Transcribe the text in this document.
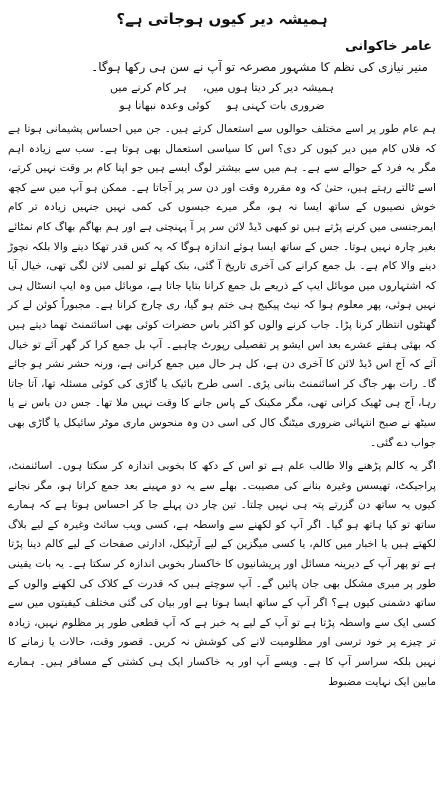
ہمیشہ دیر کیوں ہوجاتی ہے؟
عامر خاکوانی
منیر نیازی کی نظم کا مشہور مصرعہ تو آپ نے سن ہی رکھا ہوگا۔
ہمیشہ دیر کر دیتا ہوں میں،
ہر کام کرنے میں
ضروری بات کہنی ہو
کوئی وعدہ نبھانا ہو

ہم عام طور پر اسے مختلف حوالوں سے استعمال کرتے ہیں۔ جن میں احساس پشیمانی ہوتا ہے کہ فلاں کام میں دیر کیوں کر دی؟ اس کا سیاسی استعمال بھی ہوتا ہے۔ سب سے زیادہ اہم مگر یہ فرد کے حوالے سے ہے۔ ہم میں سے بیشتر لوگ ایسے ہیں جو اپنا کام بر وقت نہیں کرتے، اسے ٹالتے رہتے ہیں، حتیٰ کہ وہ مقررہ وقت اور دن سر پر آجاتا ہے۔ ممکن ہو آپ میں سے کچھ خوش نصیبوں کے ساتھ ایسا نہ ہو، مگر میرے جیسوں کی کمی نہیں جنہیں زیادہ تر کام ایمرجنسی میں کرنے پڑتے ہیں تو کبھی ڈیڈ لائن سر پر آ پہنچتی ہے اور ہم بھاگم بھاگ کام نمٹائے بغیر چارہ نہیں ہوتا۔ جس کے ساتھ ایسا ہوئے اندازہ ہوگا کہ یہ کس قدر تھکا دینے والا بلکہ نچوڑ دینے والا کام ہے۔ بل جمع کرانے کی آخری تاریخ آ گئی، بنک کھلے تو لمبی لائن لگی تھی، خیال آیا کہ اشتہاروں میں موبائل ایپ کے ذریعے بل جمع کرانا بتایا جاتا ہے، موبائل میں وہ ایپ انسٹال ہی نہیں ہوئی، پھر معلوم ہوا کہ نیٹ پیکیج ہی ختم ہو گیا، ری چارج کرانا ہے۔ مجبوراً کوئن لے کر گھنٹوں انتظار کرنا پڑا۔ جاب کرنے والوں کو اکثر باس حضرات کوئی بھی اسائنمنٹ تھما دیتے ہیں کہ بھئی ہفتے عشرے بعد اس ایشو پر تفصیلی رپورٹ چاہیے۔ آپ بل جمع کرا کر گھر آئے تو خیال آئے کہ آج اس ڈیڈ لائن کا آخری دن ہے، کل ہر حال میں جمع کرانی ہے، ورنہ حشر نشر ہو جائے گا۔ رات بھر جاگ کر اسائنمنٹ بنانی پڑی۔ اسی طرح بائیک یا گاڑی کی کوئی مسئلہ تھا، آتا جاتا رہا، آج ہی ٹھیک کرانی تھی، مگر مکینک کے پاس جانے کا وقت نہیں ملا تھا۔ جس دن باس نے یا سیٹھ نے صبح انتہائی ضروری میٹنگ کال کی اسی دن وہ منحوس ماری موٹر سائیکل یا گاڑی بھی جواب دے گئی۔

اگر یہ کالم پڑھنے والا طالب علم ہے تو اس کے دکھ کا بخوبی اندازہ کر سکتا ہوں۔ اسائنمنٹ، پراجیکٹ، تھیسس وغیرہ بنانے کی مصیبت۔ بھلے سے یہ دو مہینے بعد جمع کرانا ہو، مگر نجانے کیوں یہ ساتھ دن گزرتے پتہ ہی نہیں چلتا۔ تین چار دن پہلے جا کر احساس ہوتا ہے کہ ہمارے ساتھ تو کیا ہاتھ ہو گیا۔ اگر آپ کو لکھنے سے واسطہ ہے، کسی ویب سائٹ وغیرہ کے لیے بلاگ لکھتے ہیں یا اخبار میں کالم، یا کسی میگزین کے لیے آرٹیکل، ادارتی صفحات کے لیے کالم دینا پڑتا ہے تو پھر آپ کے دیرینہ مسائل اور پریشانیوں کا خاکسار بخوبی اندازہ کر سکتا ہے۔ یہ بات یقینی طور پر میری مشکل بھی جان پائیں گے۔ آپ سوچتے ہیں کہ قدرت کے کلاک کی لکھنے والوں کے ساتھ دشمنی کیوں ہے؟ اگر آپ کے ساتھ ایسا ہوتا ہے اور بیان کی گئی مختلف کیفیتوں میں سے کسی ایک سے واسطہ پڑتا ہے تو آپ کے لیے یہ خبر ہے کہ آپ قطعی طور پر مظلوم نہیں، زیادہ تر چیزے پر خود ترسی اور مظلومیت لانے کی کوشش نہ کریں۔ قصور وقت، حالات یا زمانے کا نہیں بلکہ سراسر آپ کا ہے۔ ویسے آپ اور یہ خاکسار ایک ہی کشتی کے مسافر ہیں۔ ہمارے مابین ایک نہایت مضبوط
